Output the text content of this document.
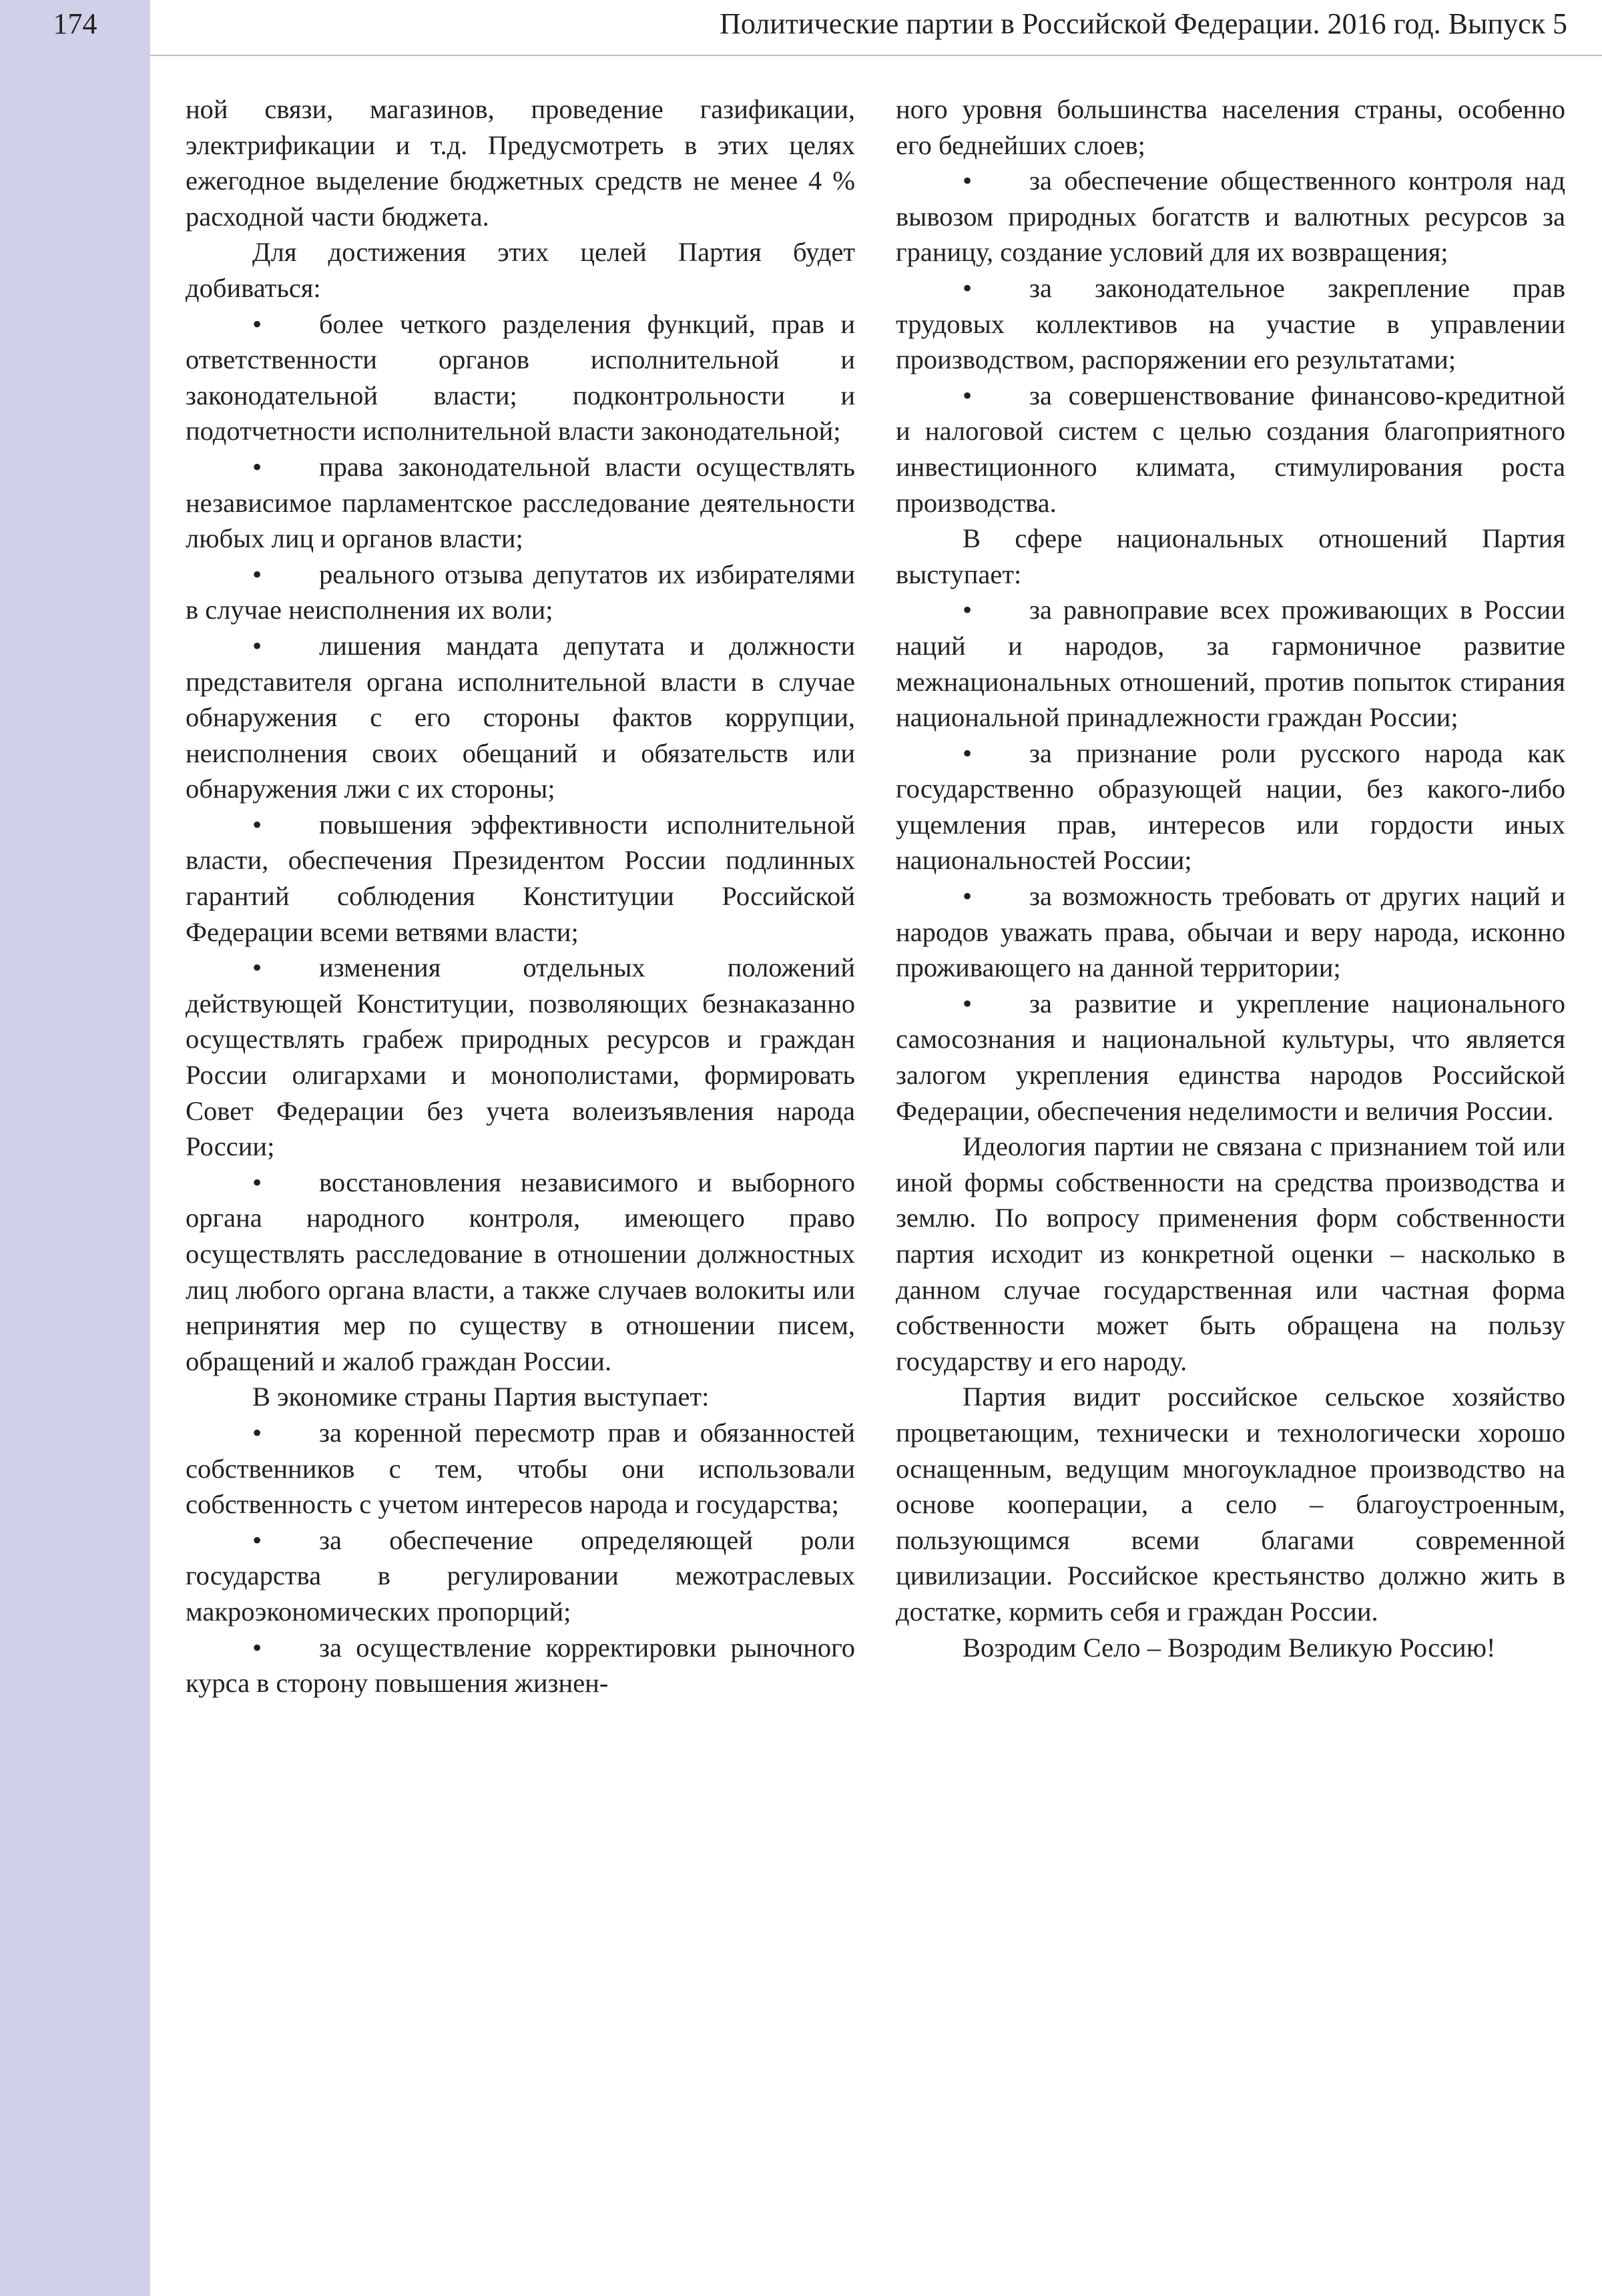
174	Политические партии в Российской Федерации. 2016 год. Выпуск 5

ной связи, магазинов, проведение газификации, электрификации и т.д. Предусмотреть в этих целях ежегодное выделение бюджетных средств не менее 4 % расходной части бюджета.

Для достижения этих целей Партия будет добиваться:

• более четкого разделения функций, прав и ответственности органов исполнительной и законодательной власти; подконтрольности и подотчетности исполнительной власти законодательной;

• права законодательной власти осуществлять независимое парламентское расследование деятельности любых лиц и органов власти;

• реального отзыва депутатов их избирателями в случае неисполнения их воли;

• лишения мандата депутата и должности представителя органа исполнительной власти в случае обнаружения с его стороны фактов коррупции, неисполнения своих обещаний и обязательств или обнаружения лжи с их стороны;

• повышения эффективности исполнительной власти, обеспечения Президентом России подлинных гарантий соблюдения Конституции Российской Федерации всеми ветвями власти;

• изменения отдельных положений действующей Конституции, позволяющих безнаказанно осуществлять грабеж природных ресурсов и граждан России олигархами и монополистами, формировать Совет Федерации без учета волеизъявления народа России;

• восстановления независимого и выборного органа народного контроля, имеющего право осуществлять расследование в отношении должностных лиц любого органа власти, а также случаев волокиты или непринятия мер по существу в отношении писем, обращений и жалоб граждан России.

В экономике страны Партия выступает:

• за коренной пересмотр прав и обязанностей собственников с тем, чтобы они использовали собственность с учетом интересов народа и государства;

• за обеспечение определяющей роли государства в регулировании межотраслевых макроэкономических пропорций;

• за осуществление корректировки рыночного курса в сторону повышения жизнен-

ного уровня большинства населения страны, особенно его беднейших слоев;

• за обеспечение общественного контроля над вывозом природных богатств и валютных ресурсов за границу, создание условий для их возвращения;

• за законодательное закрепление прав трудовых коллективов на участие в управлении производством, распоряжении его результатами;

• за совершенствование финансово-кредитной и налоговой систем с целью создания благоприятного инвестиционного климата, стимулирования роста производства.

В сфере национальных отношений Партия выступает:

• за равноправие всех проживающих в России наций и народов, за гармоничное развитие межнациональных отношений, против попыток стирания национальной принадлежности граждан России;

• за признание роли русского народа как государственно образующей нации, без какого-либо ущемления прав, интересов или гордости иных национальностей России;

• за возможность требовать от других наций и народов уважать права, обычаи и веру народа, исконно проживающего на данной территории;

• за развитие и укрепление национального самосознания и национальной культуры, что является залогом укрепления единства народов Российской Федерации, обеспечения неделимости и величия России.

Идеология партии не связана с признанием той или иной формы собственности на средства производства и землю. По вопросу применения форм собственности партия исходит из конкретной оценки – насколько в данном случае государственная или частная форма собственности может быть обращена на пользу государству и его народу.

Партия видит российское сельское хозяйство процветающим, технически и технологически хорошо оснащенным, ведущим многоукладное производство на основе кооперации, а село – благоустроенным, пользующимся всеми благами современной цивилизации. Российское крестьянство должно жить в достатке, кормить себя и граждан России.

Возродим Село – Возродим Великую Россию!
